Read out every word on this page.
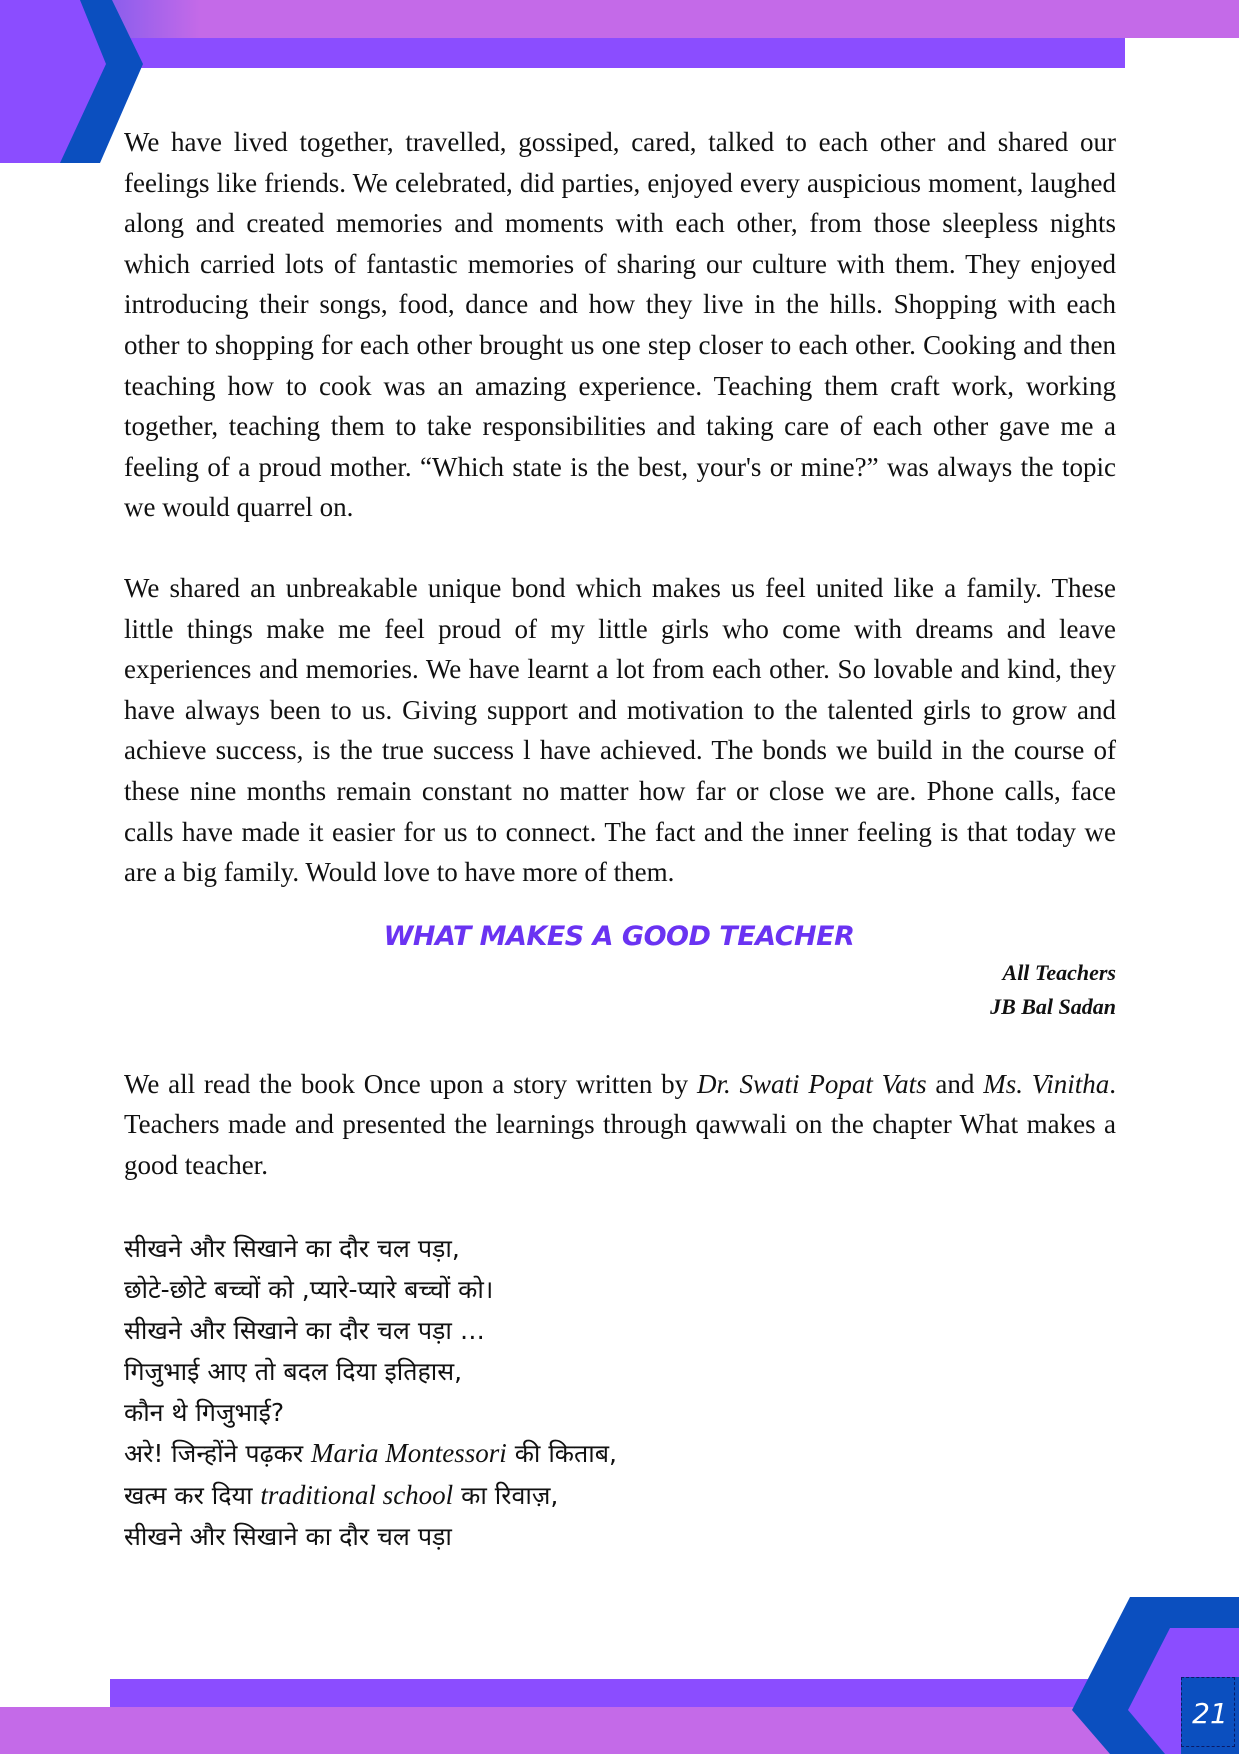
We have lived together, travelled, gossiped, cared, talked to each other and shared our feelings like friends. We celebrated, did parties, enjoyed every auspicious moment, laughed along and created memories and moments with each other, from those sleepless nights which carried lots of fantastic memories of sharing our culture with them. They enjoyed introducing their songs, food, dance and how they live in the hills. Shopping with each other to shopping for each other brought us one step closer to each other. Cooking and then teaching how to cook was an amazing experience. Teaching them craft work, working together, teaching them to take responsibilities and taking care of each other gave me a feeling of a proud mother. “Which state is the best, your's or mine?” was always the topic we would quarrel on.

We shared an unbreakable unique bond which makes us feel united like a family. These little things make me feel proud of my little girls who come with dreams and leave experiences and memories. We have learnt a lot from each other. So lovable and kind, they have always been to us. Giving support and motivation to the talented girls to grow and achieve success, is the true success l have achieved. The bonds we build in the course of these nine months remain constant no matter how far or close we are. Phone calls, face calls have made it easier for us to connect. The fact and the inner feeling is that today we are a big family. Would love to have more of them.

WHAT MAKES A GOOD TEACHER
All Teachers
JB Bal Sadan

We all read the book Once upon a story written by Dr. Swati Popat Vats and Ms. Vinitha. Teachers made and presented the learnings through qawwali on the chapter What makes a good teacher.

सीखने और सिखाने का दौर चल पड़ा,
छोटे-छोटे बच्चों को ,प्यारे-प्यारे बच्चों को।
सीखने और सिखाने का दौर चल पड़ा …
गिजुभाई आए तो बदल दिया इतिहास,
कौन थे गिजुभाई?
अरे! जिन्होंने पढ़कर Maria Montessori की किताब,
खत्म कर दिया traditional school का रिवाज़,
सीखने और सिखाने का दौर चल पड़ा
21
